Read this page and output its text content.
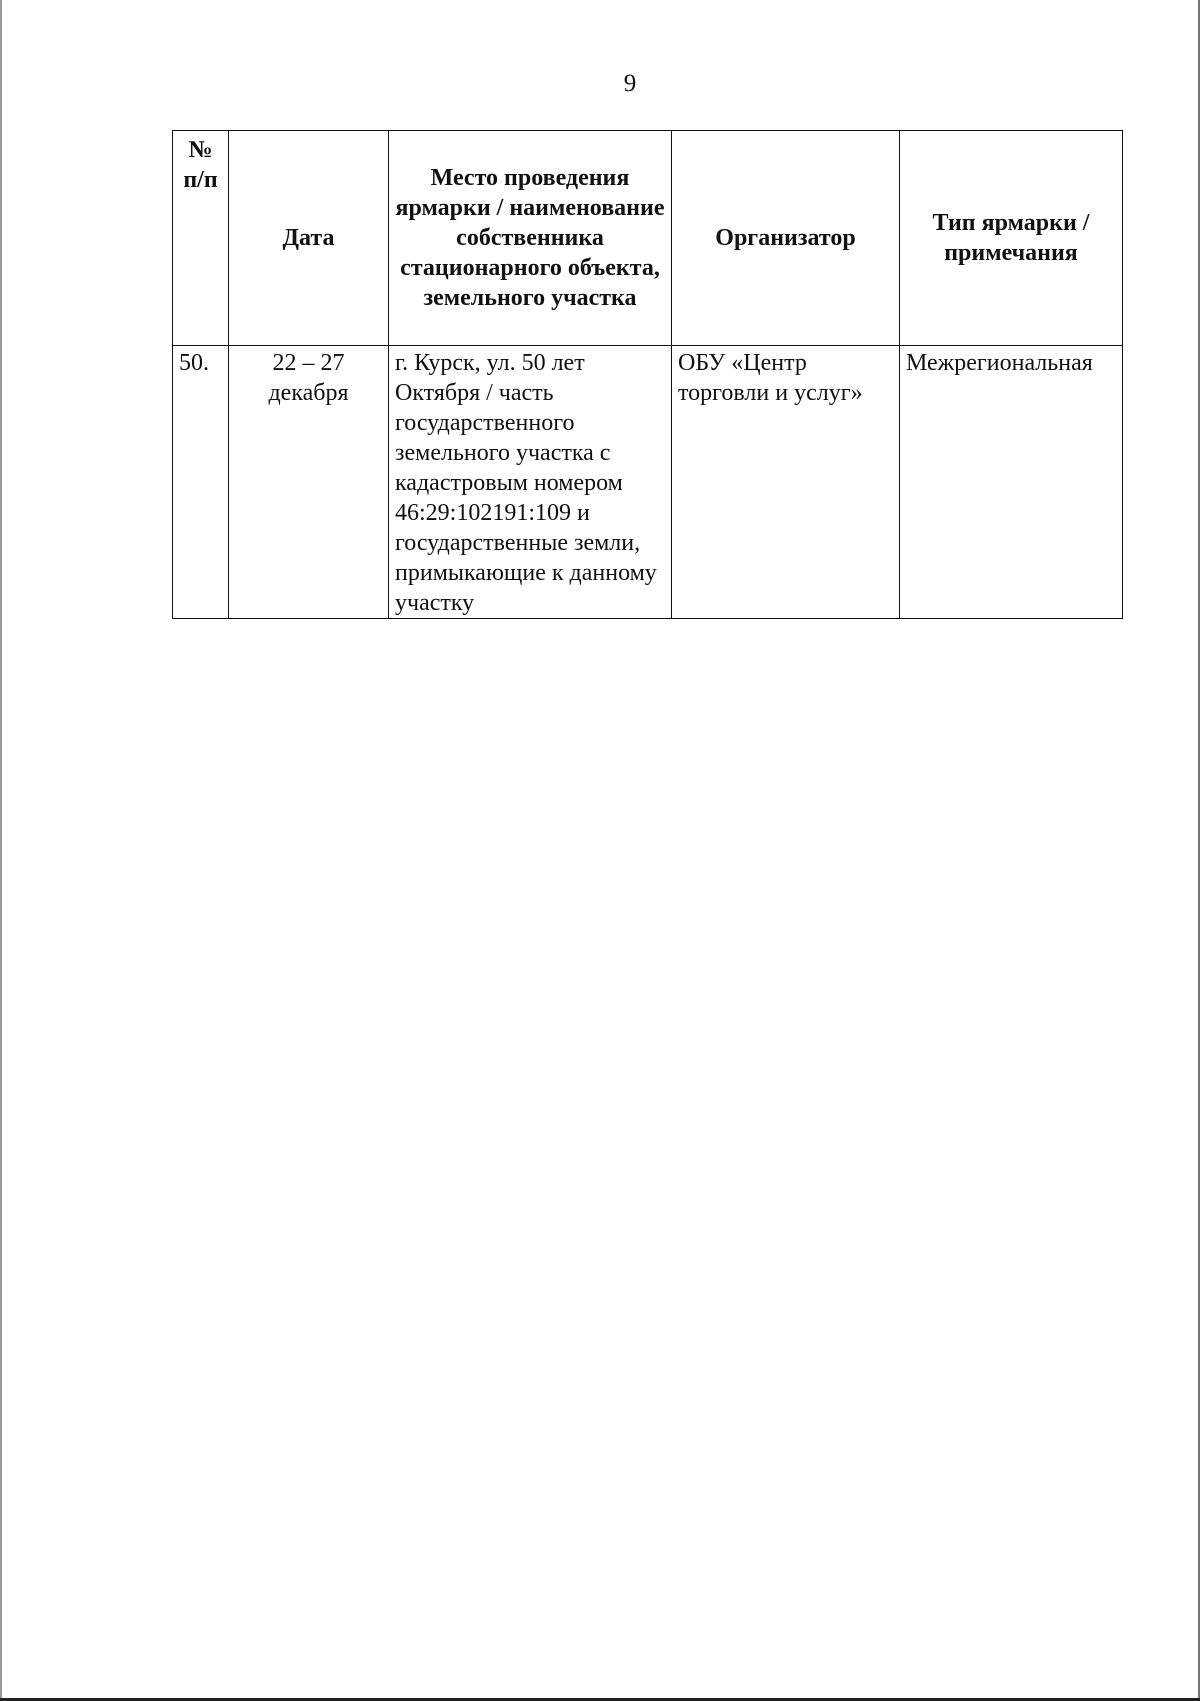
9
№ п/п	Дата	Место проведения ярмарки / наименование собственника стационарного объекта, земельного участка	Организатор	Тип ярмарки / примечания
50.	22 – 27 декабря	г. Курск, ул. 50 лет Октября / часть государственного земельного участка с кадастровым номером 46:29:102191:109 и государственные земли, примыкающие к данному участку	ОБУ «Центр торговли и услуг»	Межрегиональная
